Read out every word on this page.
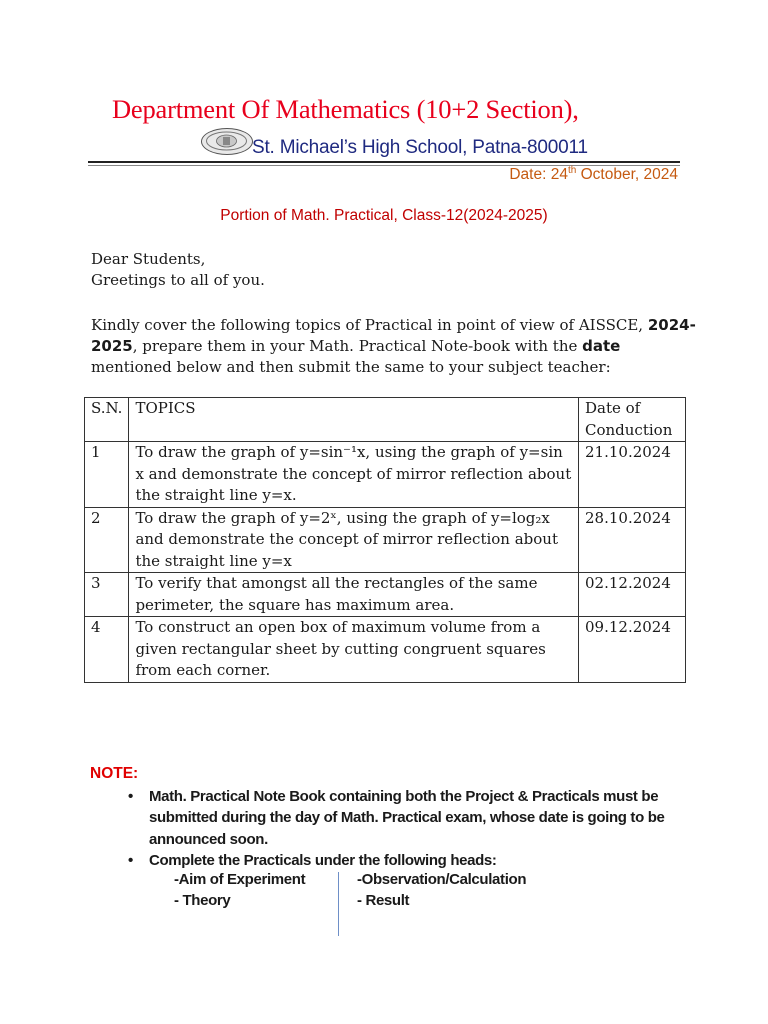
Department Of Mathematics (10+2 Section),
St. Michael’s High School, Patna-800011
Date: 24th October, 2024
Portion of Math. Practical, Class-12(2024-2025)
Dear Students,
Greetings to all of you.
Kindly cover the following topics of Practical in point of view of AISSCE, 2024-
2025, prepare them in your Math. Practical Note-book with the date
mentioned below and then submit the same to your subject teacher:
S.N.	TOPICS	Date of
Conduction

1	To draw the graph of y=sin⁻¹x, using the graph of y=sin
x and demonstrate the concept of mirror reflection about
the straight line y=x.	21.10.2024
2	To draw the graph of y=2ˣ, using the graph of y=log₂x
and demonstrate the concept of mirror reflection about
the straight line y=x	28.10.2024
3	To verify that amongst all the rectangles of the same
perimeter, the square has maximum area.	02.12.2024
4	To construct an open box of maximum volume from a
given rectangular sheet by cutting congruent squares
from each corner.	09.12.2024
NOTE:
• Math. Practical Note Book containing both the Project & Practicals must be
submitted during the day of Math. Practical exam, whose date is going to be
announced soon.
• Complete the Practicals under the following heads:
-Aim of Experiment
- Theory
-Observation/Calculation
- Result
